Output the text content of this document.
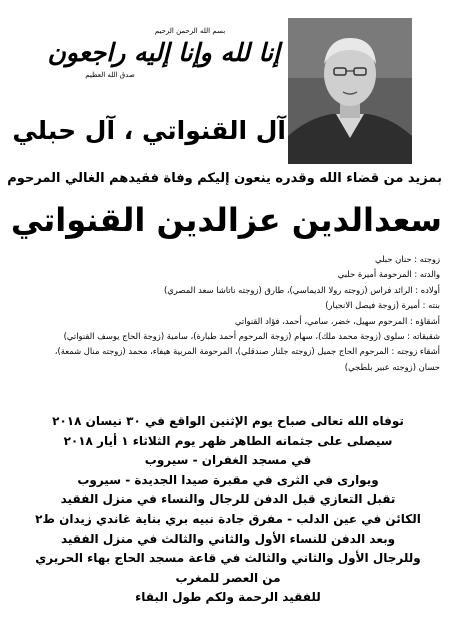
بسم الله الرحمن الرحيم
إنا لله وإنا إليه راجعون
صدق الله العظيم
آل القنواتي ، آل حبلي
بمزيد من قضاء الله وقدره ينعون إليكم وفاة فقيدهم الغالي المرحوم
سعدالدين عزالدين القنواتي
زوجته : حنان حبلي
والدته : المرحومة أميرة حلبي
أولاده : الرائد فراس (زوجته رولا الديماسي)، طارق (زوجته ناتاشا سعد المصري)
بنته : أميرة (زوجة فيصل الانجبار)
أشقاؤه : المرحوم سهيل، خضر، سامي، أحمد، فؤاد القنواتي
شقيقاته : سلوى (زوجة محمد ملك)، سهام (زوجة المرحوم أحمد طبارة)، سامية (زوجة الحاج يوسف القنواتي)
أشقاء زوجته : المرحوم الحاج جميل (زوجته جلنار صندقلي)، المرحومة المربية هيفاء، محمد (زوجته منال شمعة)،
حسان (زوجته عبير بلطجي)
توفاه الله تعالى صباح يوم الإثنين الواقع في ٣٠ نيسان ٢٠١٨
سيصلى على جثمانه الطاهر ظهر يوم الثلاثاء ١ أيار ٢٠١٨
في مسجد الغفران - سيروب
ويوارى في الثرى في مقبرة صيدا الجديدة - سيروب
تقبل التعازي قبل الدفن للرجال والنساء في منزل الفقيد
الكائن في عين الدلب - مفرق جادة نبيه بري بناية غاندي زيدان ط٢
وبعد الدفن للنساء الأول والثاني والثالث في منزل الفقيد
وللرجال الأول والثاني والثالث في قاعة مسجد الحاج بهاء الحريري
من العصر للمغرب
للفقيد الرحمة ولكم طول البقاء
